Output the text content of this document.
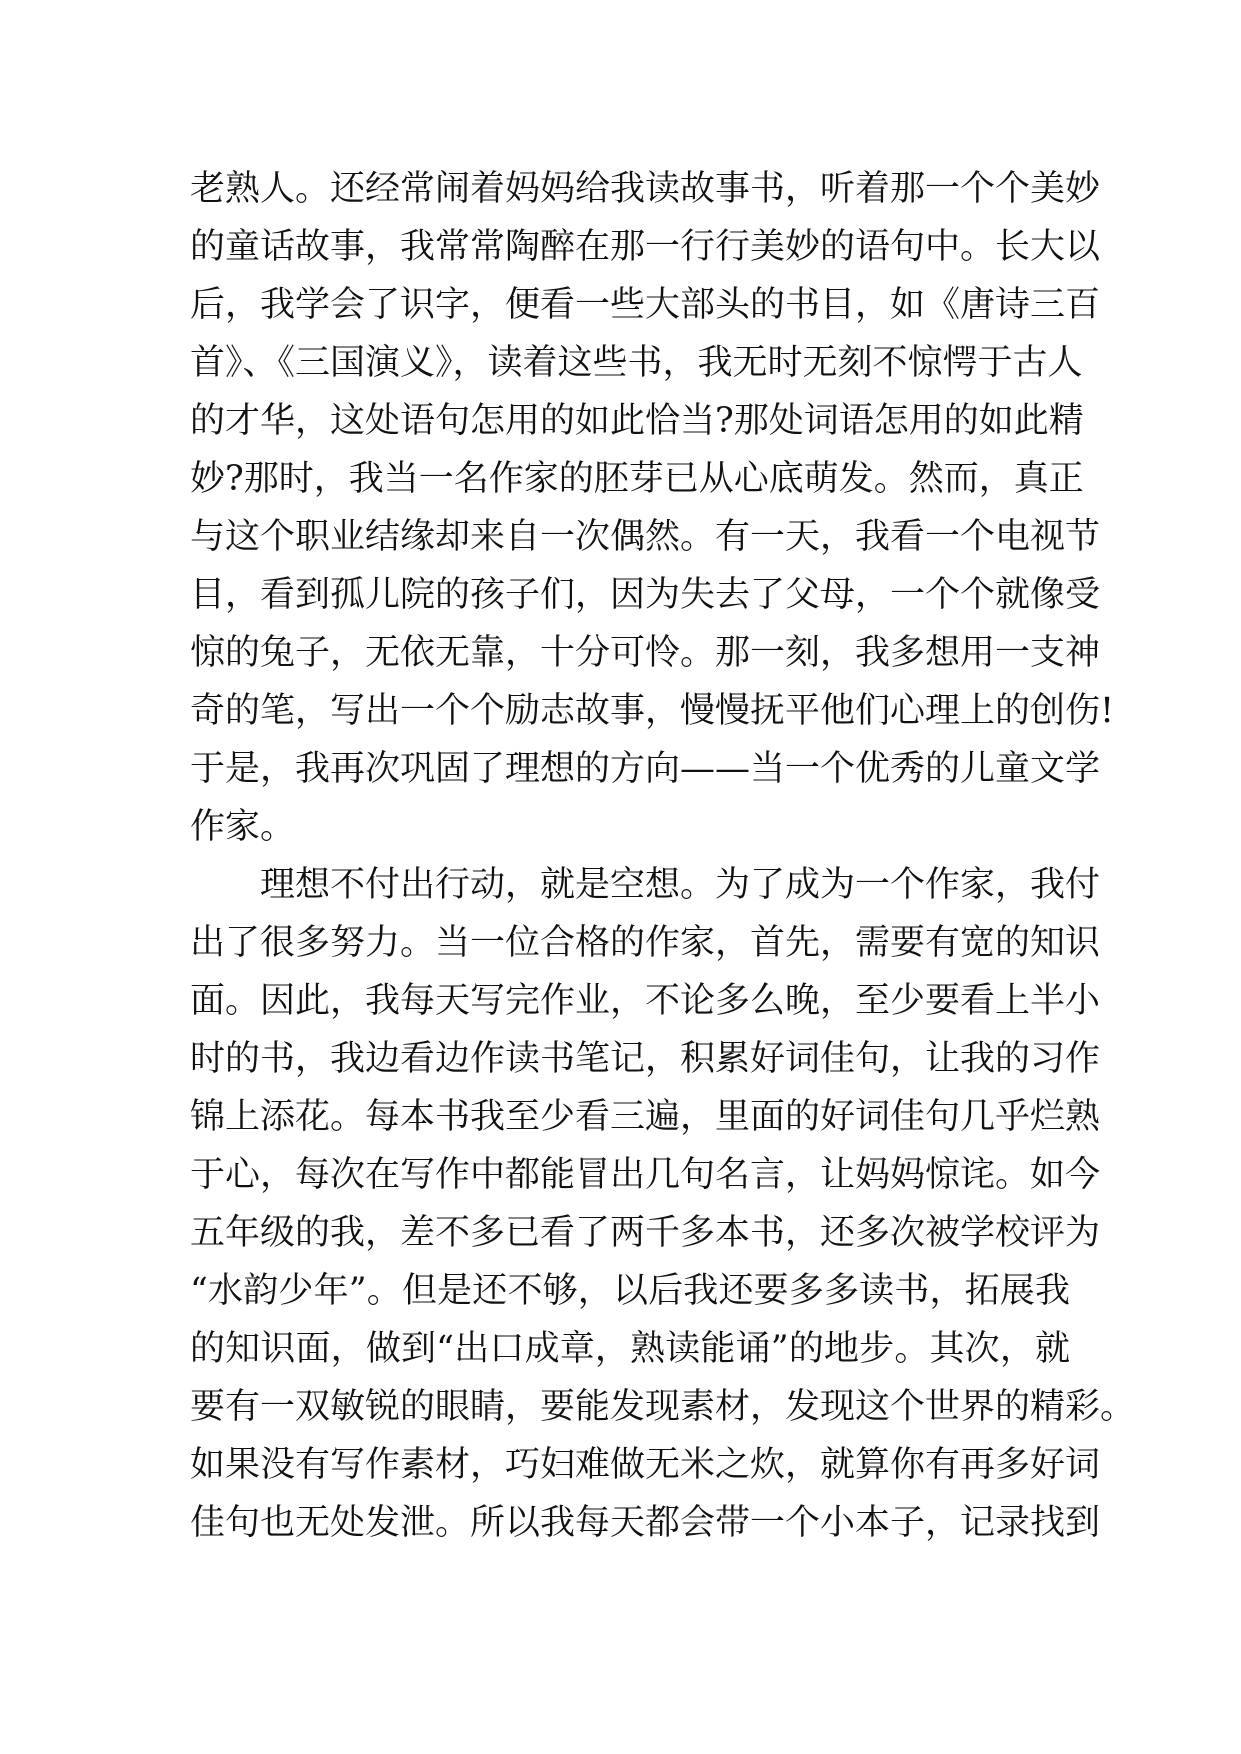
老熟人。还经常闹着妈妈给我读故事书，听着那一个个美妙
的童话故事，我常常陶醉在那一行行美妙的语句中。长大以
后，我学会了识字，便看一些大部头的书目，如《唐诗三百
首》、《三国演义》，读着这些书，我无时无刻不惊愕于古人
的才华，这处语句怎用的如此恰当?那处词语怎用的如此精
妙?那时，我当一名作家的胚芽已从心底萌发。然而，真正
与这个职业结缘却来自一次偶然。有一天，我看一个电视节
目，看到孤儿院的孩子们，因为失去了父母，一个个就像受
惊的兔子，无依无靠，十分可怜。那一刻，我多想用一支神
奇的笔，写出一个个励志故事，慢慢抚平他们心理上的创伤!
于是，我再次巩固了理想的方向——当一个优秀的儿童文学
作家。
理想不付出行动，就是空想。为了成为一个作家，我付
出了很多努力。当一位合格的作家，首先，需要有宽的知识
面。因此，我每天写完作业，不论多么晚，至少要看上半小
时的书，我边看边作读书笔记，积累好词佳句，让我的习作
锦上添花。每本书我至少看三遍，里面的好词佳句几乎烂熟
于心，每次在写作中都能冒出几句名言，让妈妈惊诧。如今
五年级的我，差不多已看了两千多本书，还多次被学校评为
“水韵少年”。但是还不够，以后我还要多多读书，拓展我
的知识面，做到“出口成章，熟读能诵”的地步。其次，就
要有一双敏锐的眼睛，要能发现素材，发现这个世界的精彩。
如果没有写作素材，巧妇难做无米之炊，就算你有再多好词
佳句也无处发泄。所以我每天都会带一个小本子，记录找到
